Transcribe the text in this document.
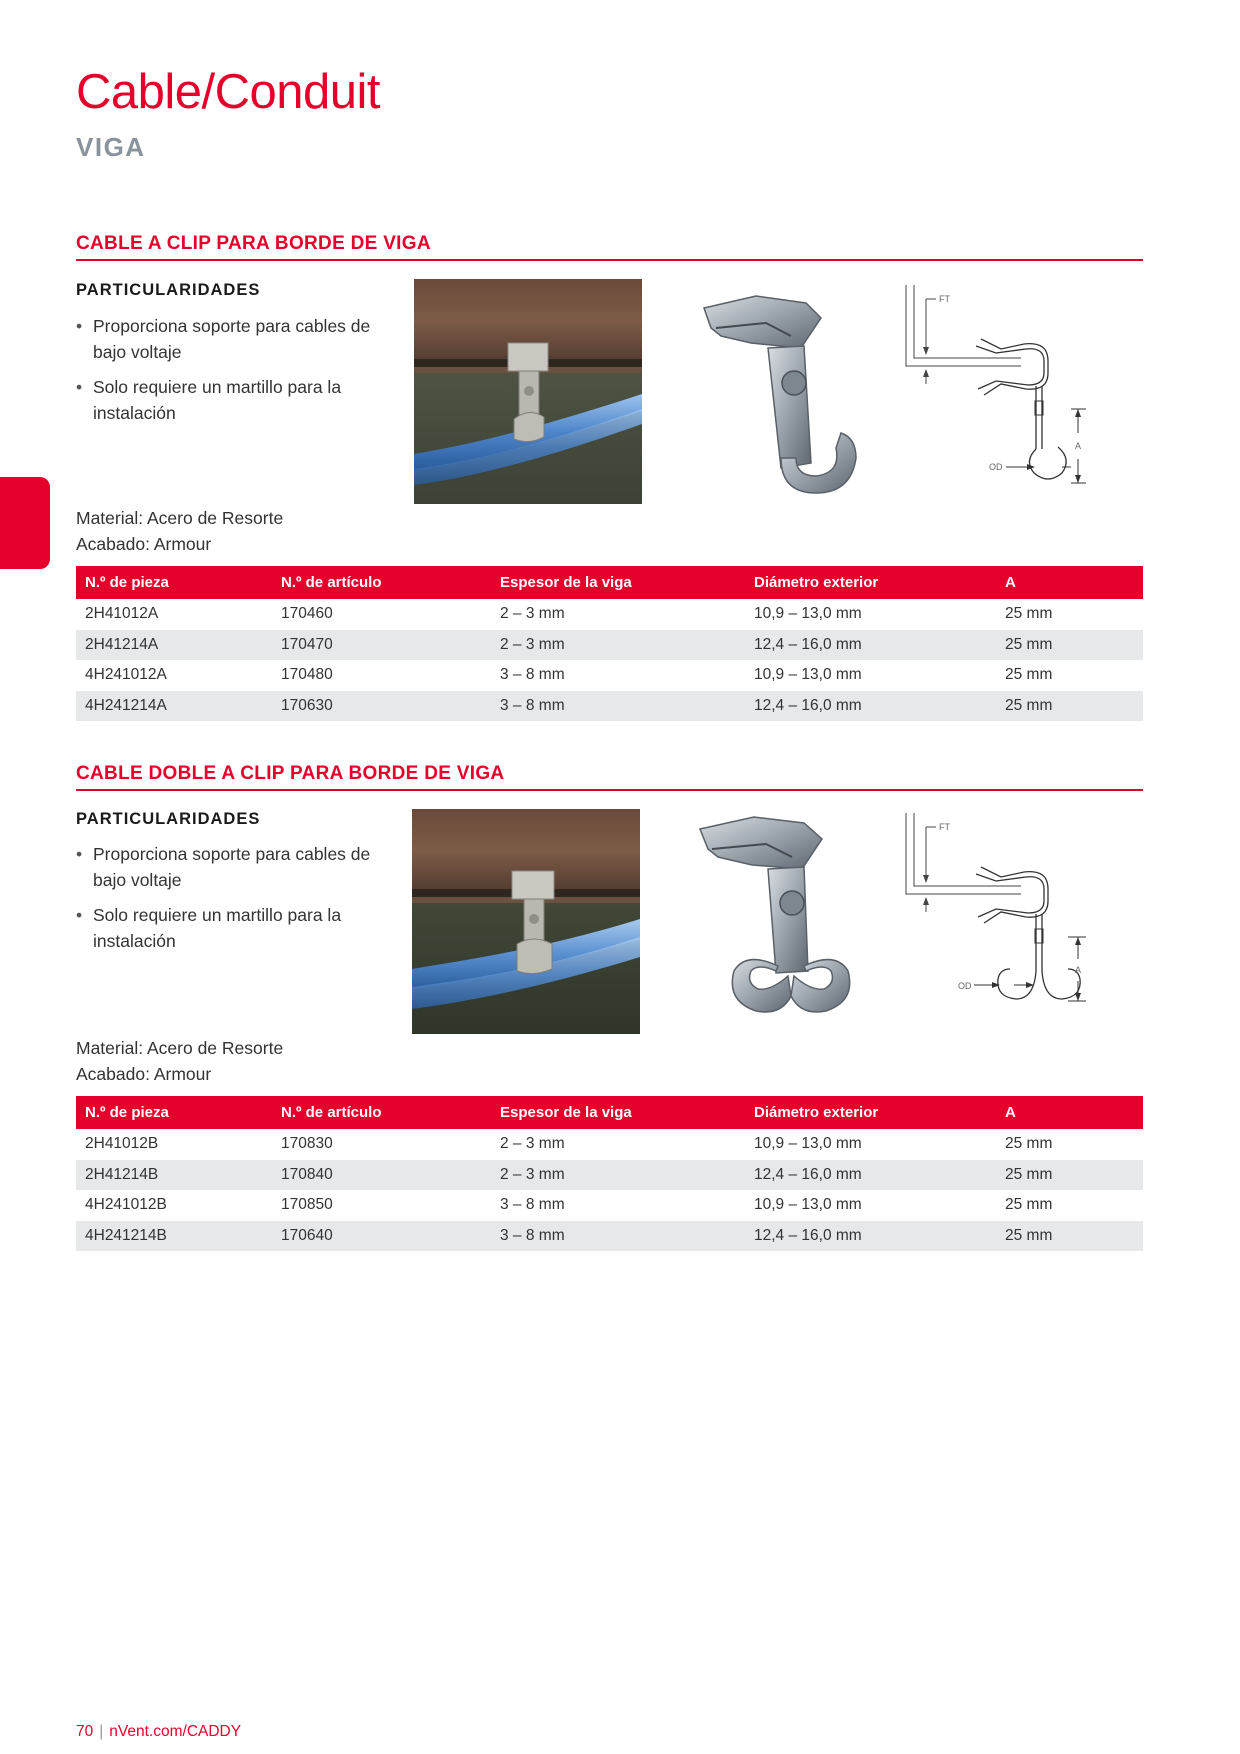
Cable/Conduit
VIGA
CABLE A CLIP PARA BORDE DE VIGA
PARTICULARIDADES
• Proporciona soporte para cables de bajo voltaje
• Solo requiere un martillo para la instalación
FT
A
OD
Material: Acero de Resorte
Acabado: Armour
N.º de pieza	N.º de artículo	Espesor de la viga	Diámetro exterior	A
2H41012A	170460	2 – 3 mm	10,9 – 13,0 mm	25 mm
2H41214A	170470	2 – 3 mm	12,4 – 16,0 mm	25 mm
4H241012A	170480	3 – 8 mm	10,9 – 13,0 mm	25 mm
4H241214A	170630	3 – 8 mm	12,4 – 16,0 mm	25 mm
CABLE DOBLE A CLIP PARA BORDE DE VIGA
PARTICULARIDADES
• Proporciona soporte para cables de bajo voltaje
• Solo requiere un martillo para la instalación
FT
A
OD
Material: Acero de Resorte
Acabado: Armour
N.º de pieza	N.º de artículo	Espesor de la viga	Diámetro exterior	A
2H41012B	170830	2 – 3 mm	10,9 – 13,0 mm	25 mm
2H41214B	170840	2 – 3 mm	12,4 – 16,0 mm	25 mm
4H241012B	170850	3 – 8 mm	10,9 – 13,0 mm	25 mm
4H241214B	170640	3 – 8 mm	12,4 – 16,0 mm	25 mm
70 | nVent.com/CADDY
